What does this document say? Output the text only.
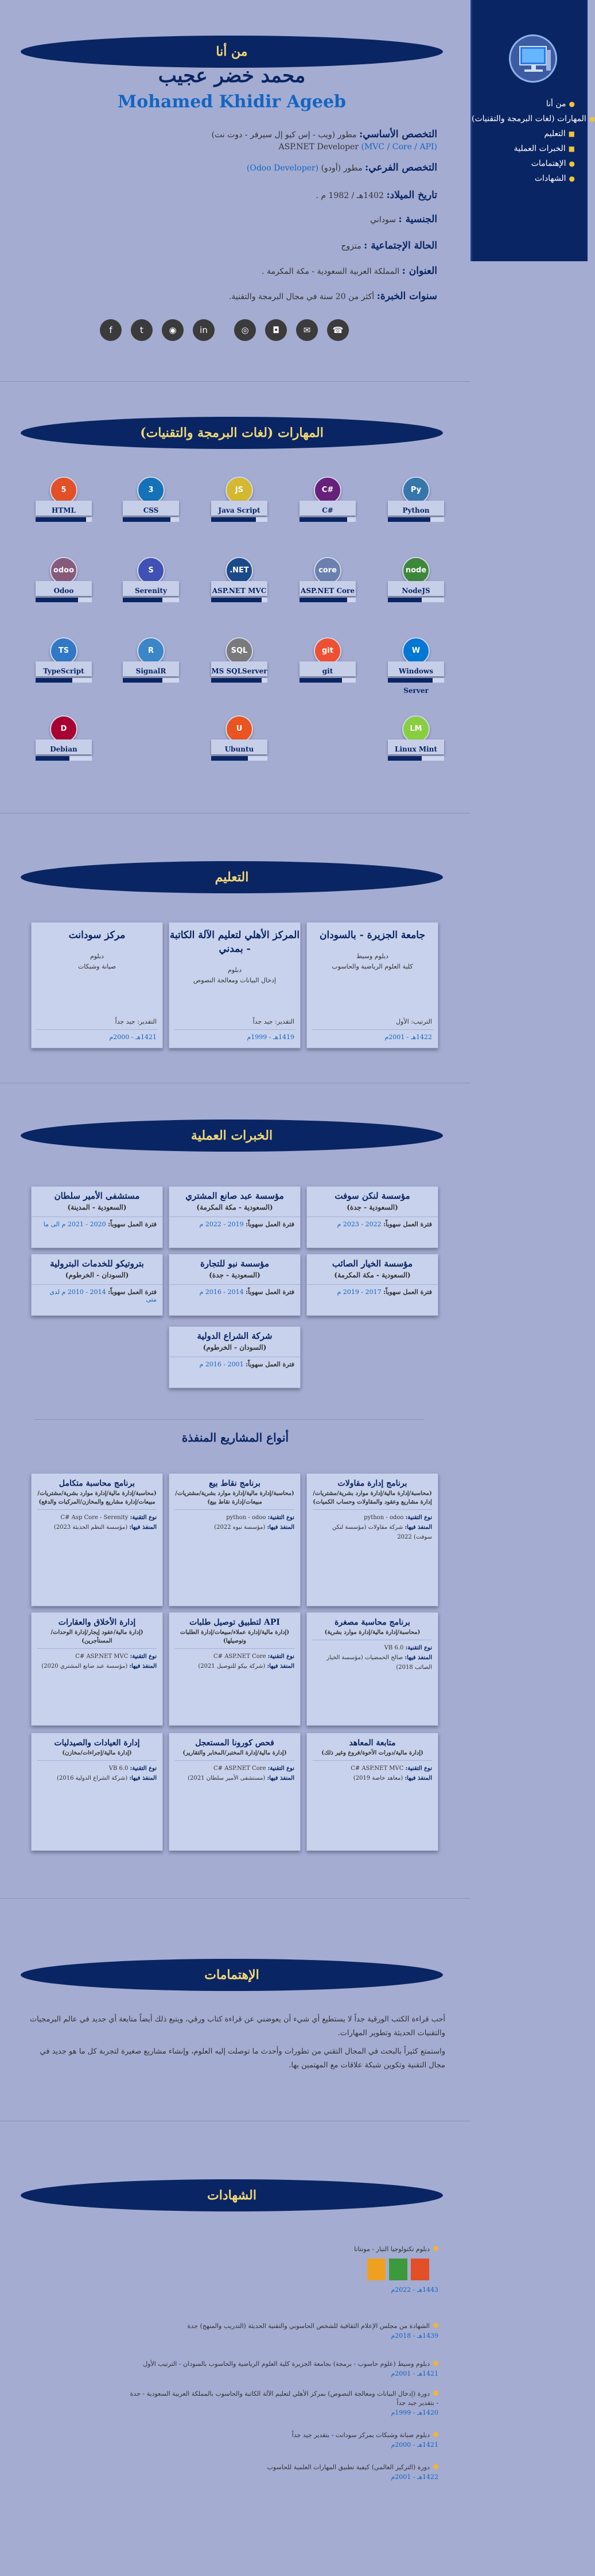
من أنا ●
المهارات (لغات البرمجة والتقنيات) ●
التعليم ■
الخبرات العملية ■
الإهتمامات ●
الشهادات ●
من أنا
محمد خضر عجيب
Mohamed Khidir Ageeb
التخصص الأساسي: مطور (ويب - إس كيو إل سيرفر - دوت نت)
ASP.NET Developer (MVC / Core / API)
التخصص الفرعي: مطور (أودو) (Odoo Developer)
تاريخ الميلاد: 1402هـ / 1982 م .
الجنسية : سوداني
الحالة الإجتماعية : متزوج
العنوان : المملكة العربية السعودية - مكة المكرمة .
سنوات الخبرة: أكثر من 20 سنة في مجال البرمجة والتقنية.
f	t	◉	in	◎	◘	✉	☎
المهارات (لغات البرمجة والتقنيات)
Py
Python
C#
C#
JS
Java Script
3
CSS
5
HTML
node
NodeJS
core
ASP.NET Core
.NET
ASP.NET MVC
S
Serenity
odoo
Odoo
W
Windows Server
git
git
SQL
MS SQLServer
R
SignalR
TS
TypeScript
LM
Linux Mint
U
Ubuntu
D
Debian
التعليم
جامعة الجزيرة - بالسودان
دبلوم وسيط
كلية العلوم الرياضية والحاسوب
الترتيب: الأول
1422هـ - 2001م
المركز الأهلي لتعليم الآلة الكاتبة - بمدني
دبلوم
إدخال البيانات ومعالجة النصوص
التقدير: جيد جداً
1419هـ - 1999م
مركز سودانت
دبلوم
صيانة وشبكات
التقدير: جيد جداً
1421هـ - 2000م
الخبرات العملية
مؤسسة لنكن سوفت
(السعودية - جدة)
فترة العمل سهوباً: 2022 - 2023 م
مؤسسة عبد صانع المشتري
(السعودية - مكة المكرمة)
فترة العمل سهوباً: 2019 - 2022 م
مستشفى الأمير سلطان
(السعودية - المدينة)
فترة العمل سهوباً: 2020 - 2021 م الى ما
مؤسسة الخيار الصائب
(السعودية - مكة المكرمة)
فترة العمل سهوباً: 2017 - 2019 م
مؤسسة نبو للتجارة
(السعودية - جدة)
فترة العمل سهوباً: 2014 - 2016 م
بتروتيكو للخدمات البترولية
(السودان - الخرطوم)
فترة العمل سهوباً: 2014 - 2010 م لدى متى
شركة الشراع الدولية
(السودان - الخرطوم)
فترة العمل سهوباً: 2001 - 2016 م
أنواع المشاريع المنفذة
برنامج إدارة مقاولات
(محاسبة/إدارة مالية/إدارة موارد بشرية/مشتريات/إدارة مشاريع وعقود والمقاولات وحساب الكميات)
نوع التقنية: python - odoo
المنفذ فيها: شركة مقاولات (مؤسسة لنكن سوفت) 2022
برنامج نقاط بيع
(محاسبة/إدارة مالية/إدارة موارد بشرية/مشتريات/مبيعات/إدارة نقاط بيع)
نوع التقنية: python - odoo
المنفذ فيها: (مؤسسة نبوه 2022)
برنامج محاسبة متكامل
(محاسبة/إدارة مالية/إدارة موارد بشرية/مشتريات/مبيعات/إدارة مشاريع والمخازن/المركبات والدفع)
نوع التقنية: C# Asp Core - Serenity
المنفذ فيها: (مؤسسة النظم الحديثة 2023)
برنامج محاسبة مصغرة
(محاسبة/إدارة مالية/إدارة موارد بشرية)
نوع التقنية: VB 6.0
المنفذ فيها: صالح الحمضيات (مؤسسة الخيار الصائب 2018)
API لتطبيق توصيل طلبات
(إدارة مالية/إدارة عملاء/مبيعات/إدارة الطلبات وتوصيلها)
نوع التقنية: C# ASP.NET Core
المنفذ فيها: (شركة بيكو للتوصيل 2021)
إدارة الأخلاق والعقارات
(إدارة مالية/عقود إيجار/إدارة الوحدات/المستأجرين)
نوع التقنية: C# ASP.NET MVC
المنفذ فيها: (مؤسسة عبد صانع المشتري 2020)
متابعة المعاهد
(إدارة مالية/دورات الأخوة/فروع وغير ذلك)
نوع التقنية: C# ASP.NET MVC
المنفذ فيها: (معاهد خاصة 2019)
فحص كورونا المستعجل
(إدارة مالية/إدارة المختبر/المخابر والتقارير)
نوع التقنية: C# ASP.NET Core
المنفذ فيها: (مستشفى الأمير سلطان 2021)
إدارة العيادات والصيدليات
(إدارة مالية/إجراءات/مخازن)
نوع التقنية: VB 6.0
المنفذ فيها: (شركة الشراع الدولية 2016)
الإهتمامات

أحب قراءة الكتب الورقية جداً لا يستطيع أي شيء أن يعوضني عن قراءة كتاب ورقي، ويتبع ذلك أيضاً متابعة أي جديد في عالم البرمجيات والتقنيات الحديثة وتطوير المهارات.

واستمتع كثيراً بالبحث في المجال التقني من تطورات وأحدث ما توصلت إليه العلوم، وإنشاء مشاريع صغيرة لتجربة كل ما هو جديد في مجال التقنية وتكوين شبكة علاقات مع المهتمين بها.

الشهادات
دبلوم تكنولوجيا التيار - مونتانا
1443هـ - 2022م
الشهادة من مجلس الإعلام الثقافية للشخص الحاسوبي والتقنية الحديثة (التدريب والمنهج) جدة
1439هـ - 2018م
دبلوم وسيط (علوم حاسوب - برمجة) بجامعة الجزيرة كلية العلوم الرياضية والحاسوب بالسودان - الترتيب الأول
1421هـ - 2001م
دورة (إدخال البيانات ومعالجة النصوص) بمركز الأهلي لتعليم الآلة الكاتبة والحاسوب بالمملكة العربية السعودية - جدة - بتقدير جيد جداً
1420هـ - 1999م
دبلوم صيانة وشبكات بمركز سودانت - بتقدير جيد جداً
1421هـ - 2000م
دورة (التركيز العالمي) كيفية تطبيق المهارات العلمية للحاسوب
1422هـ - 2001م
